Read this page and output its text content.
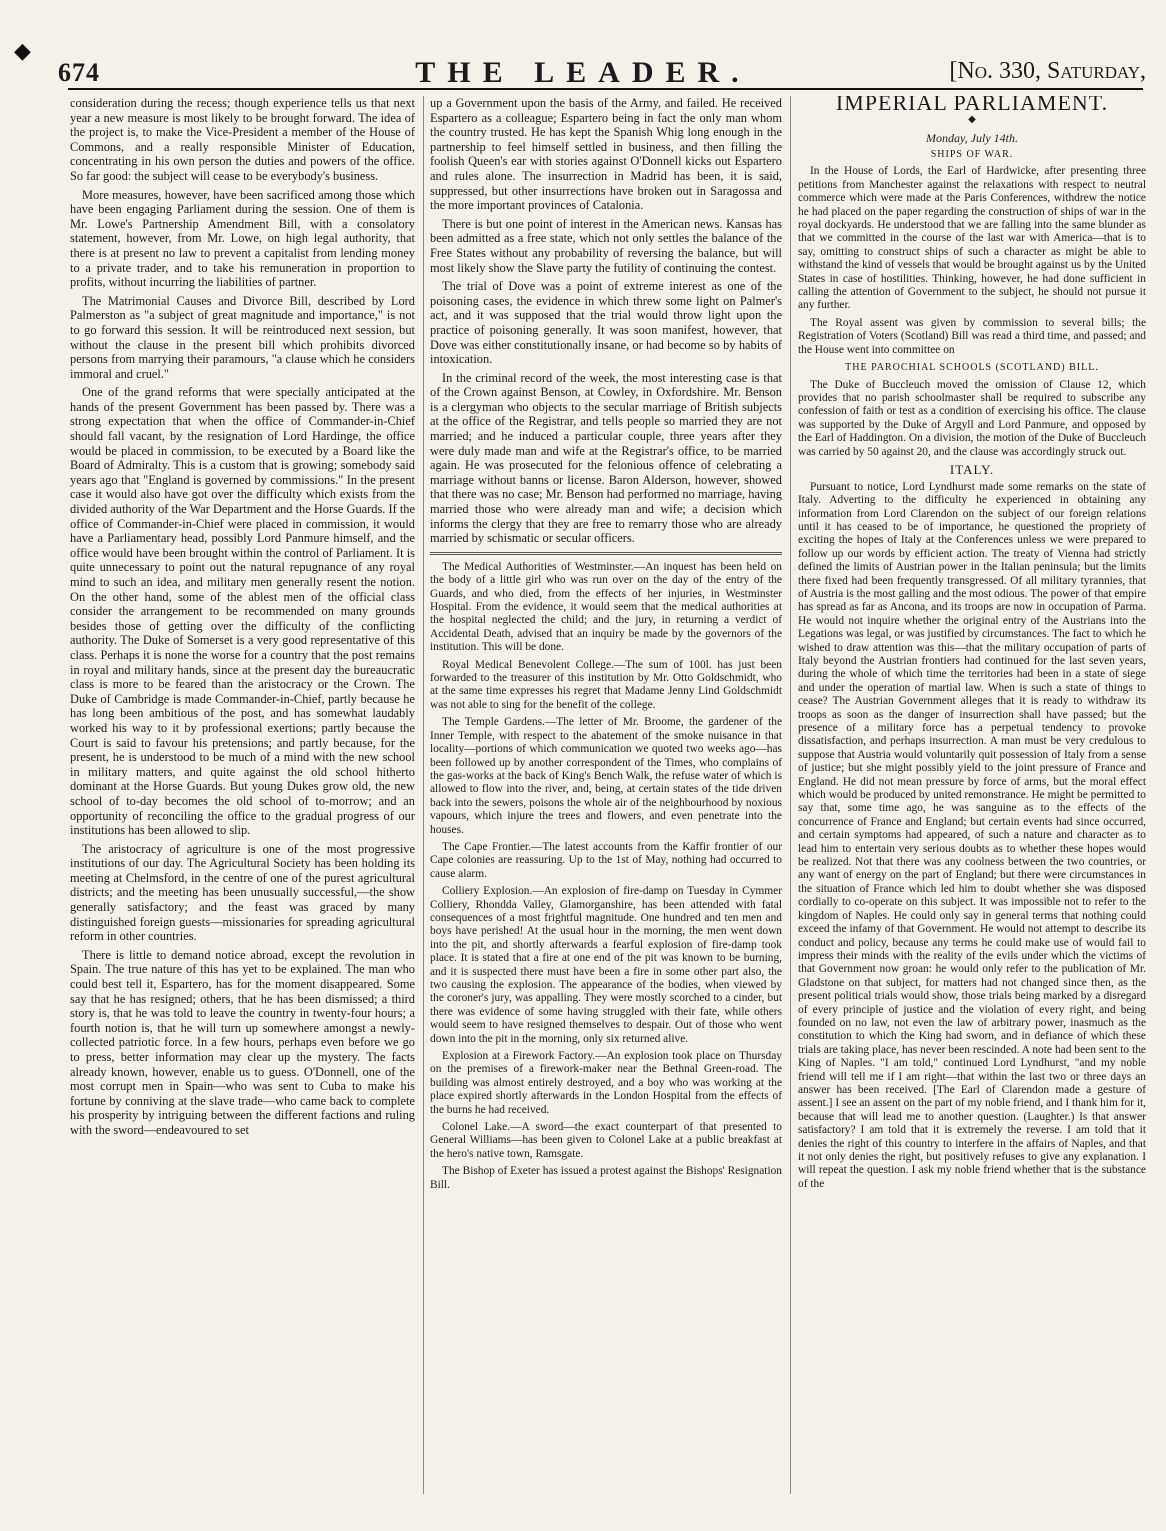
◆
674	THE LEADER.	[No. 330, Saturday,

consideration during the recess; though experience tells us that next year a new measure is most likely to be brought forward. The idea of the project is, to make the Vice-President a member of the House of Commons, and a really responsible Minister of Education, concentrating in his own person the duties and powers of the office. So far good: the subject will cease to be everybody's business.

More measures, however, have been sacrificed among those which have been engaging Parliament during the session. One of them is Mr. Lowe's Partnership Amendment Bill, with a consolatory statement, however, from Mr. Lowe, on high legal authority, that there is at present no law to prevent a capitalist from lending money to a private trader, and to take his remuneration in proportion to profits, without incurring the liabilities of partner.

The Matrimonial Causes and Divorce Bill, described by Lord Palmerston as "a subject of great magnitude and importance," is not to go forward this session. It will be reintroduced next session, but without the clause in the present bill which prohibits divorced persons from marrying their paramours, "a clause which he considers immoral and cruel."

One of the grand reforms that were specially anticipated at the hands of the present Government has been passed by. There was a strong expectation that when the office of Commander-in-Chief should fall vacant, by the resignation of Lord Hardinge, the office would be placed in commission, to be executed by a Board like the Board of Admiralty. This is a custom that is growing; somebody said years ago that "England is governed by commissions." In the present case it would also have got over the difficulty which exists from the divided authority of the War Department and the Horse Guards. If the office of Commander-in-Chief were placed in commission, it would have a Parliamentary head, possibly Lord Panmure himself, and the office would have been brought within the control of Parliament. It is quite unnecessary to point out the natural repugnance of any royal mind to such an idea, and military men generally resent the notion. On the other hand, some of the ablest men of the official class consider the arrangement to be recommended on many grounds besides those of getting over the difficulty of the conflicting authority. The Duke of Somerset is a very good representative of this class. Perhaps it is none the worse for a country that the post remains in royal and military hands, since at the present day the bureaucratic class is more to be feared than the aristocracy or the Crown. The Duke of Cambridge is made Commander-in-Chief, partly because he has long been ambitious of the post, and has somewhat laudably worked his way to it by professional exertions; partly because the Court is said to favour his pretensions; and partly because, for the present, he is understood to be much of a mind with the new school in military matters, and quite against the old school hitherto dominant at the Horse Guards. But young Dukes grow old, the new school of to-day becomes the old school of to-morrow; and an opportunity of reconciling the office to the gradual progress of our institutions has been allowed to slip.

The aristocracy of agriculture is one of the most progressive institutions of our day. The Agricultural Society has been holding its meeting at Chelmsford, in the centre of one of the purest agricultural districts; and the meeting has been unusually successful,—the show generally satisfactory; and the feast was graced by many distinguished foreign guests—missionaries for spreading agricultural reform in other countries.

There is little to demand notice abroad, except the revolution in Spain. The true nature of this has yet to be explained. The man who could best tell it, Espartero, has for the moment disappeared. Some say that he has resigned; others, that he has been dismissed; a third story is, that he was told to leave the country in twenty-four hours; a fourth notion is, that he will turn up somewhere amongst a newly-collected patriotic force. In a few hours, perhaps even before we go to press, better information may clear up the mystery. The facts already known, however, enable us to guess. O'Donnell, one of the most corrupt men in Spain—who was sent to Cuba to make his fortune by conniving at the slave trade—who came back to complete his prosperity by intriguing between the different factions and ruling with the sword—endeavoured to set

up a Government upon the basis of the Army, and failed. He received Espartero as a colleague; Espartero being in fact the only man whom the country trusted. He has kept the Spanish Whig long enough in the partnership to feel himself settled in business, and then filling the foolish Queen's ear with stories against O'Donnell kicks out Espartero and rules alone. The insurrection in Madrid has been, it is said, suppressed, but other insurrections have broken out in Saragossa and the more important provinces of Catalonia.

There is but one point of interest in the American news. Kansas has been admitted as a free state, which not only settles the balance of the Free States without any probability of reversing the balance, but will most likely show the Slave party the futility of continuing the contest.

The trial of Dove was a point of extreme interest as one of the poisoning cases, the evidence in which threw some light on Palmer's act, and it was supposed that the trial would throw light upon the practice of poisoning generally. It was soon manifest, however, that Dove was either constitutionally insane, or had become so by habits of intoxication.

In the criminal record of the week, the most interesting case is that of the Crown against Benson, at Cowley, in Oxfordshire. Mr. Benson is a clergyman who objects to the secular marriage of British subjects at the office of the Registrar, and tells people so married they are not married; and he induced a particular couple, three years after they were duly made man and wife at the Registrar's office, to be married again. He was prosecuted for the felonious offence of celebrating a marriage without banns or license. Baron Alderson, however, showed that there was no case; Mr. Benson had performed no marriage, having married those who were already man and wife; a decision which informs the clergy that they are free to remarry those who are already married by schismatic or secular officers.

The Medical Authorities of Westminster.—An inquest has been held on the body of a little girl who was run over on the day of the entry of the Guards, and who died, from the effects of her injuries, in Westminster Hospital. From the evidence, it would seem that the medical authorities at the hospital neglected the child; and the jury, in returning a verdict of Accidental Death, advised that an inquiry be made by the governors of the institution. This will be done.

Royal Medical Benevolent College.—The sum of 100l. has just been forwarded to the treasurer of this institution by Mr. Otto Goldschmidt, who at the same time expresses his regret that Madame Jenny Lind Goldschmidt was not able to sing for the benefit of the college.

The Temple Gardens.—The letter of Mr. Broome, the gardener of the Inner Temple, with respect to the abatement of the smoke nuisance in that locality—portions of which communication we quoted two weeks ago—has been followed up by another correspondent of the Times, who complains of the gas-works at the back of King's Bench Walk, the refuse water of which is allowed to flow into the river, and, being, at certain states of the tide driven back into the sewers, poisons the whole air of the neighbourhood by noxious vapours, which injure the trees and flowers, and even penetrate into the houses.

The Cape Frontier.—The latest accounts from the Kaffir frontier of our Cape colonies are reassuring. Up to the 1st of May, nothing had occurred to cause alarm.

Colliery Explosion.—An explosion of fire-damp on Tuesday in Cymmer Colliery, Rhondda Valley, Glamorganshire, has been attended with fatal consequences of a most frightful magnitude. One hundred and ten men and boys have perished! At the usual hour in the morning, the men went down into the pit, and shortly afterwards a fearful explosion of fire-damp took place. It is stated that a fire at one end of the pit was known to be burning, and it is suspected there must have been a fire in some other part also, the two causing the explosion. The appearance of the bodies, when viewed by the coroner's jury, was appalling. They were mostly scorched to a cinder, but there was evidence of some having struggled with their fate, while others would seem to have resigned themselves to despair. Out of those who went down into the pit in the morning, only six returned alive.

Explosion at a Firework Factory.—An explosion took place on Thursday on the premises of a firework-maker near the Bethnal Green-road. The building was almost entirely destroyed, and a boy who was working at the place expired shortly afterwards in the London Hospital from the effects of the burns he had received.

Colonel Lake.—A sword—the exact counterpart of that presented to General Williams—has been given to Colonel Lake at a public breakfast at the hero's native town, Ramsgate.

The Bishop of Exeter has issued a protest against the Bishops' Resignation Bill.

IMPERIAL PARLIAMENT.
◆
Monday, July 14th.
SHIPS OF WAR.

In the House of Lords, the Earl of Hardwicke, after presenting three petitions from Manchester against the relaxations with respect to neutral commerce which were made at the Paris Conferences, withdrew the notice he had placed on the paper regarding the construction of ships of war in the royal dockyards. He understood that we are falling into the same blunder as that we committed in the course of the last war with America—that is to say, omitting to construct ships of such a character as might be able to withstand the kind of vessels that would be brought against us by the United States in case of hostilities. Thinking, however, he had done sufficient in calling the attention of Government to the subject, he should not pursue it any further.

The Royal assent was given by commission to several bills; the Registration of Voters (Scotland) Bill was read a third time, and passed; and the House went into committee on

THE PAROCHIAL SCHOOLS (SCOTLAND) BILL.

The Duke of Buccleuch moved the omission of Clause 12, which provides that no parish schoolmaster shall be required to subscribe any confession of faith or test as a condition of exercising his office. The clause was supported by the Duke of Argyll and Lord Panmure, and opposed by the Earl of Haddington. On a division, the motion of the Duke of Buccleuch was carried by 50 against 20, and the clause was accordingly struck out.

ITALY.

Pursuant to notice, Lord Lyndhurst made some remarks on the state of Italy. Adverting to the difficulty he experienced in obtaining any information from Lord Clarendon on the subject of our foreign relations until it has ceased to be of importance, he questioned the propriety of exciting the hopes of Italy at the Conferences unless we were prepared to follow up our words by efficient action. The treaty of Vienna had strictly defined the limits of Austrian power in the Italian peninsula; but the limits there fixed had been frequently transgressed. Of all military tyrannies, that of Austria is the most galling and the most odious. The power of that empire has spread as far as Ancona, and its troops are now in occupation of Parma. He would not inquire whether the original entry of the Austrians into the Legations was legal, or was justified by circumstances. The fact to which he wished to draw attention was this—that the military occupation of parts of Italy beyond the Austrian frontiers had continued for the last seven years, during the whole of which time the territories had been in a state of siege and under the operation of martial law. When is such a state of things to cease? The Austrian Government alleges that it is ready to withdraw its troops as soon as the danger of insurrection shall have passed; but the presence of a military force has a perpetual tendency to provoke dissatisfaction, and perhaps insurrection. A man must be very credulous to suppose that Austria would voluntarily quit possession of Italy from a sense of justice; but she might possibly yield to the joint pressure of France and England. He did not mean pressure by force of arms, but the moral effect which would be produced by united remonstrance. He might be permitted to say that, some time ago, he was sanguine as to the effects of the concurrence of France and England; but certain events had since occurred, and certain symptoms had appeared, of such a nature and character as to lead him to entertain very serious doubts as to whether these hopes would be realized. Not that there was any coolness between the two countries, or any want of energy on the part of England; but there were circumstances in the situation of France which led him to doubt whether she was disposed cordially to co-operate on this subject. It was impossible not to refer to the kingdom of Naples. He could only say in general terms that nothing could exceed the infamy of that Government. He would not attempt to describe its conduct and policy, because any terms he could make use of would fail to impress their minds with the reality of the evils under which the victims of that Government now groan: he would only refer to the publication of Mr. Gladstone on that subject, for matters had not changed since then, as the present political trials would show, those trials being marked by a disregard of every principle of justice and the violation of every right, and being founded on no law, not even the law of arbitrary power, inasmuch as the constitution to which the King had sworn, and in defiance of which these trials are taking place, has never been rescinded. A note had been sent to the King of Naples. "I am told," continued Lord Lyndhurst, "and my noble friend will tell me if I am right—that within the last two or three days an answer has been received. [The Earl of Clarendon made a gesture of assent.] I see an assent on the part of my noble friend, and I thank him for it, because that will lead me to another question. (Laughter.) Is that answer satisfactory? I am told that it is extremely the reverse. I am told that it denies the right of this country to interfere in the affairs of Naples, and that it not only denies the right, but positively refuses to give any explanation. I will repeat the question. I ask my noble friend whether that is the substance of the
